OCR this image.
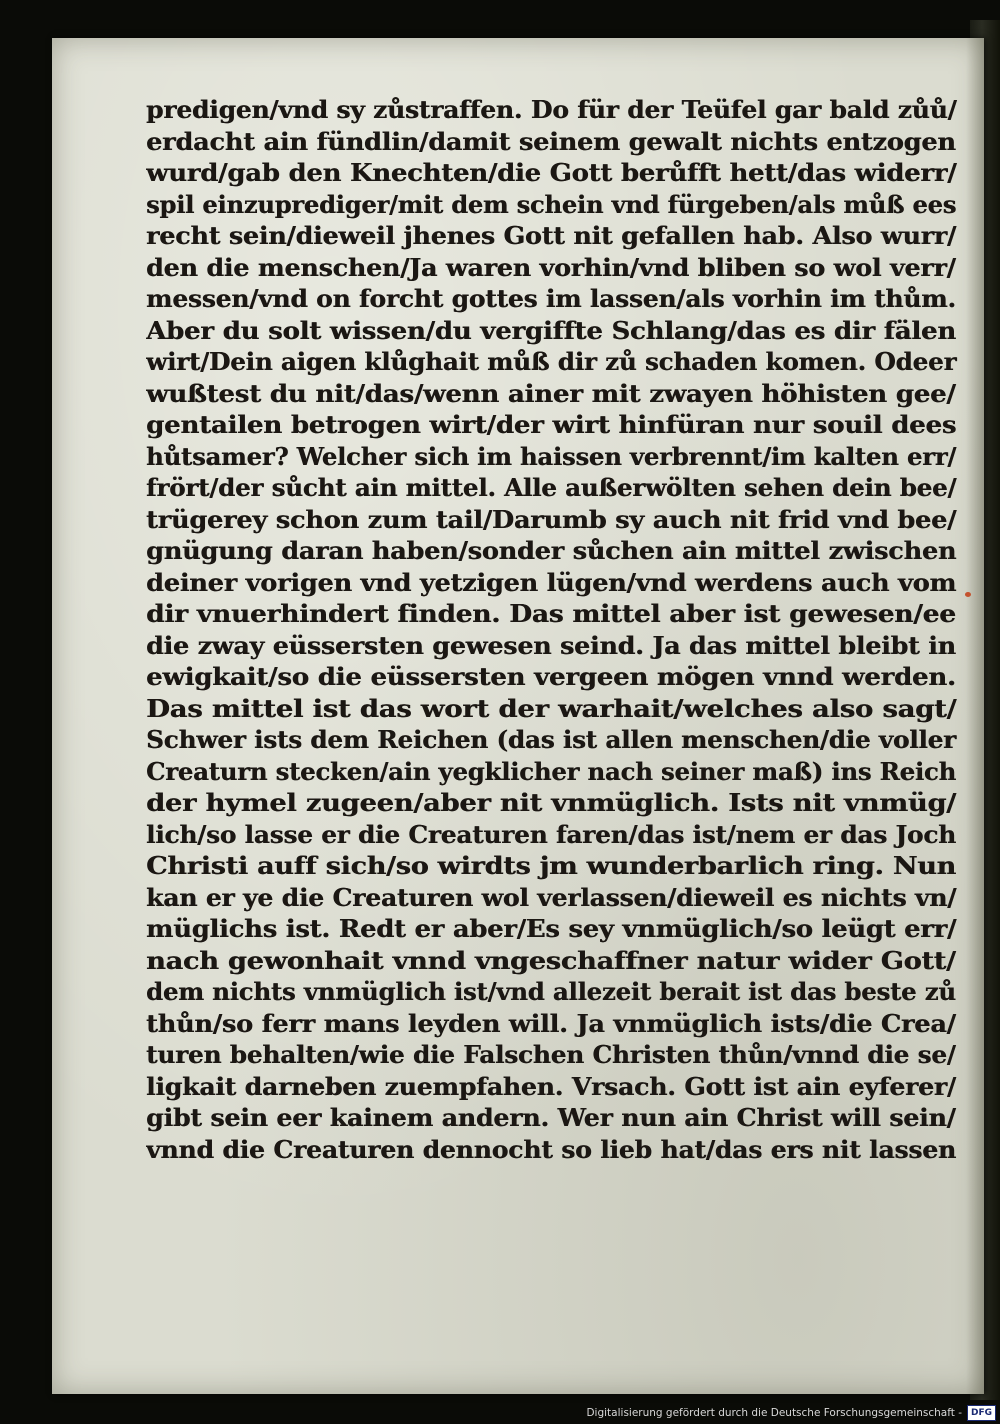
predigen/vnd sy zůstraffen. Do für der Teüfel gar bald zůů/
erdacht ain fündlin/damit seinem gewalt nichts entzogen
wurd/gab den Knechten/die Gott berůfft hett/das widerr/
spil einzuprediger/mit dem schein vnd fürgeben/als můß ees
recht sein/dieweil jhenes Gott nit gefallen hab. Also wurr/
den die menschen/Ja waren vorhin/vnd bliben so wol verr/
messen/vnd on forcht gottes im lassen/als vorhin im thům.
Aber du solt wissen/du vergiffte Schlang/das es dir fälen
wirt/Dein aigen klůghait můß dir zů schaden komen. Odeer
wußtest du nit/das/wenn ainer mit zwayen höhisten gee/
gentailen betrogen wirt/der wirt hinfüran nur souil dees
hůtsamer? Welcher sich im haissen verbrennt/im kalten err/
frört/der sůcht ain mittel. Alle außerwölten sehen dein bee/
trügerey schon zum tail/Darumb sy auch nit frid vnd bee/
gnügung daran haben/sonder sůchen ain mittel zwischen
deiner vorigen vnd yetzigen lügen/vnd werdens auch vom
dir vnuerhindert finden. Das mittel aber ist gewesen/ee
die zway eüssersten gewesen seind. Ja das mittel bleibt in
ewigkait/so die eüssersten vergeen mögen vnnd werden.
Das mittel ist das wort der warhait/welches also sagt/
Schwer ists dem Reichen (das ist allen menschen/die voller
Creaturn stecken/ain yegklicher nach seiner maß) ins Reich
der hymel zugeen/aber nit vnmüglich. Ists nit vnmüg/
lich/so lasse er die Creaturen faren/das ist/nem er das Joch
Christi auff sich/so wirdts jm wunderbarlich ring. Nun
kan er ye die Creaturen wol verlassen/dieweil es nichts vn/
müglichs ist. Redt er aber/Es sey vnmüglich/so leügt err/
nach gewonhait vnnd vngeschaffner natur wider Gott/
dem nichts vnmüglich ist/vnd allezeit berait ist das beste zů
thůn/so ferr mans leyden will. Ja vnmüglich ists/die Crea/
turen behalten/wie die Falschen Christen thůn/vnnd die se/
ligkait darneben zuempfahen. Vrsach. Gott ist ain eyferer/
gibt sein eer kainem andern. Wer nun ain Christ will sein/
vnnd die Creaturen dennocht so lieb hat/das ers nit lassen
Digitalisierung gefördert durch die Deutsche Forschungsgemeinschaft -	DFG
